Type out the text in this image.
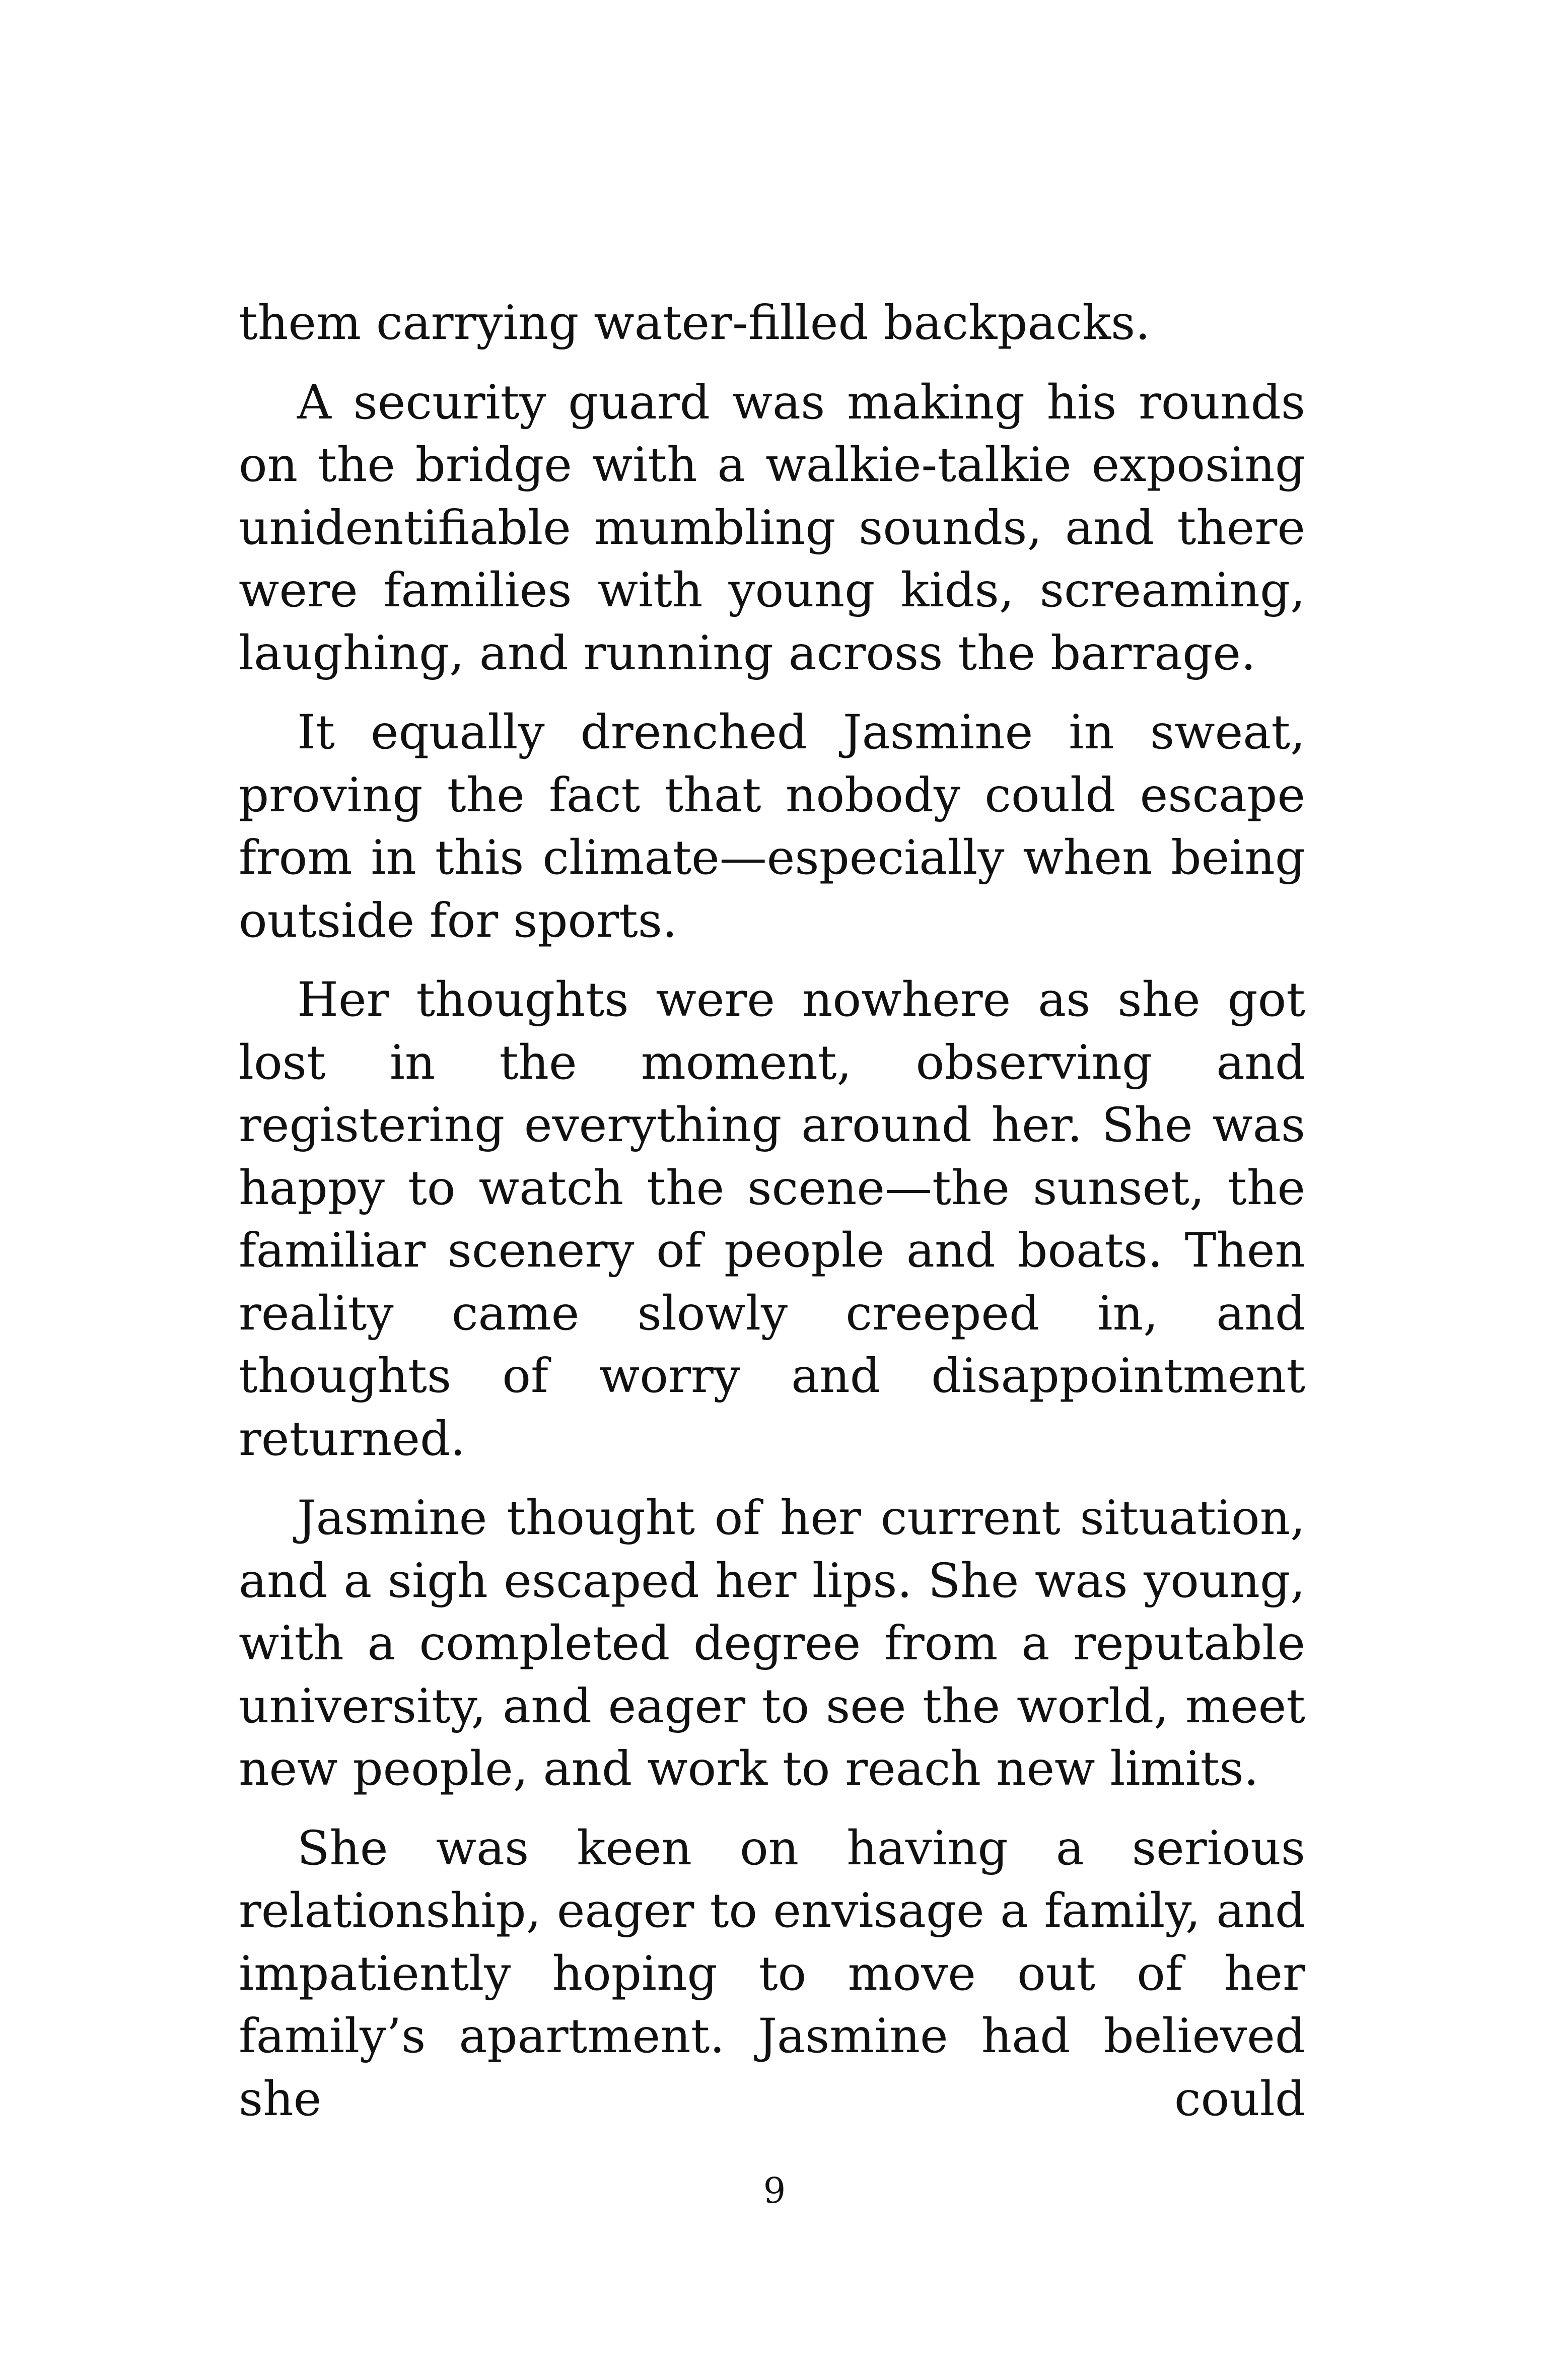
them carrying water-filled backpacks.

A security guard was making his rounds on the bridge with a walkie-talkie exposing unidentifiable mumbling sounds, and there were families with young kids, screaming, laughing, and running across the barrage.

It equally drenched Jasmine in sweat, proving the fact that nobody could escape from in this climate—especially when being outside for sports.

Her thoughts were nowhere as she got lost in the moment, observing and registering everything around her. She was happy to watch the scene—the sunset, the familiar scenery of people and boats. Then reality came slowly creeped in, and thoughts of worry and disappointment returned.

Jasmine thought of her current situation, and a sigh escaped her lips. She was young, with a completed degree from a reputable university, and eager to see the world, meet new people, and work to reach new limits.

She was keen on having a serious relationship, eager to envisage a family, and impatiently hoping to move out of her family’s apartment. Jasmine had believed she could

9
